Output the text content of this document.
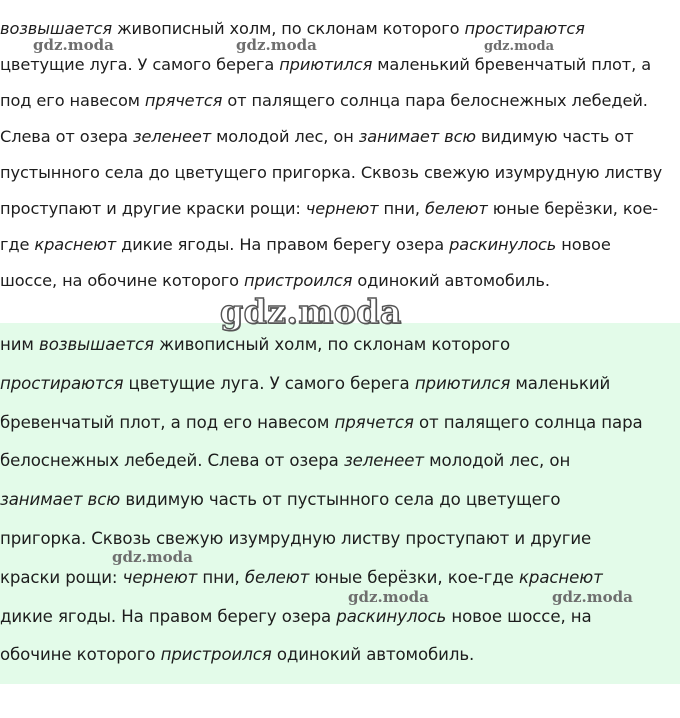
возвышается живописный холм, по склонам которого простираются
цветущие луга. У самого берега приютился маленький бревенчатый плот, а
под его навесом прячется от палящего солнца пара белоснежных лебедей.
Слева от озера зеленеет молодой лес, он занимает всю видимую часть от
пустынного села до цветущего пригорка. Сквозь свежую изумрудную листву
проступают и другие краски рощи: чернеют пни, белеют юные берёзки, кое-
где краснеют дикие ягоды. На правом берегу озера раскинулось новое
шоссе, на обочине которого пристроился одинокий автомобиль.
ним возвышается живописный холм, по склонам которого
простираются цветущие луга. У самого берега приютился маленький
бревенчатый плот, а под его навесом прячется от палящего солнца пара
белоснежных лебедей. Слева от озера зеленеет молодой лес, он
занимает всю видимую часть от пустынного села до цветущего
пригорка. Сквозь свежую изумрудную листву проступают и другие
краски рощи: чернеют пни, белеют юные берёзки, кое-где краснеют
дикие ягоды. На правом берегу озера раскинулось новое шоссе, на
обочине которого пристроился одинокий автомобиль.
gdz.moda	gdz.moda	gdz.moda
gdz.moda
gdz.moda
gdz.moda	gdz.moda
